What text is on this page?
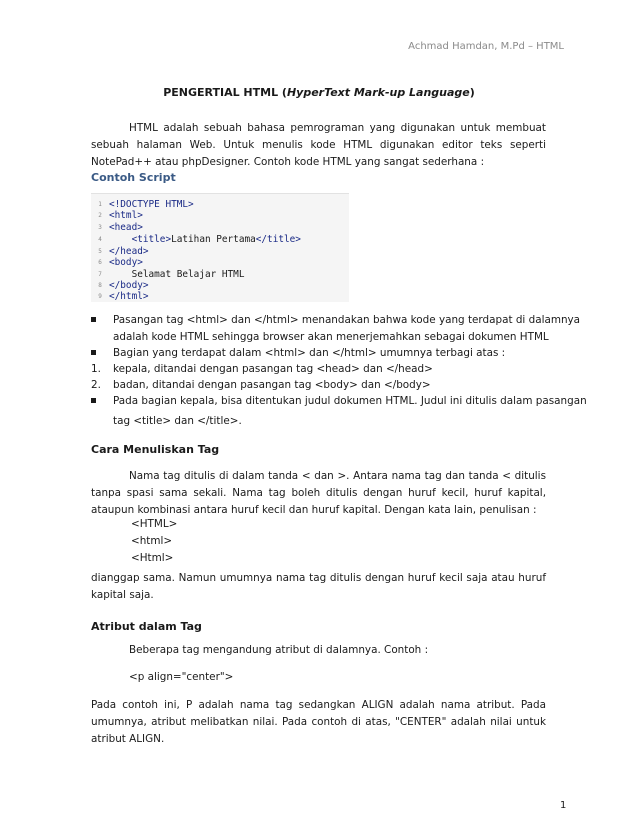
Achmad Hamdan, M.Pd – HTML
PENGERTIAL HTML (HyperText Mark-up Language)
HTML adalah sebuah bahasa pemrograman yang digunakan untuk membuat sebuah halaman Web. Untuk menulis kode HTML digunakan editor teks seperti NotePad++ atau phpDesigner. Contoh kode HTML yang sangat sederhana :
Contoh Script
1 <!DOCTYPE HTML>
2 <html>
3 <head>
4	<title>Latihan Pertama</title>
5 </head>
6 <body>
7	Selamat Belajar HTML
8 </body>
9 </html>
Pasangan tag <html> dan </html> menandakan bahwa kode yang terdapat di dalamnya
adalah kode HTML sehingga browser akan menerjemahkan sebagai dokumen HTML
Bagian yang terdapat dalam <html> dan </html> umumnya terbagi atas :
1. kepala, ditandai dengan pasangan tag <head> dan </head>
2. badan, ditandai dengan pasangan tag <body> dan </body>
Pada bagian kepala, bisa ditentukan judul dokumen HTML. Judul ini ditulis dalam pasangan
tag <title> dan </title>.
Cara Menuliskan Tag
Nama tag ditulis di dalam tanda < dan >. Antara nama tag dan tanda < ditulis tanpa spasi sama sekali. Nama tag boleh ditulis dengan huruf kecil, huruf kapital, ataupun kombinasi antara huruf kecil dan huruf kapital. Dengan kata lain, penulisan :
<HTML>
<html>
<Html>
dianggap sama. Namun umumnya nama tag ditulis dengan huruf kecil saja atau huruf kapital saja.
Atribut dalam Tag
Beberapa tag mengandung atribut di dalamnya. Contoh :
<p align="center">
Pada contoh ini, P adalah nama tag sedangkan ALIGN adalah nama atribut. Pada umumnya, atribut melibatkan nilai. Pada contoh di atas, "CENTER" adalah nilai untuk atribut ALIGN.
1
